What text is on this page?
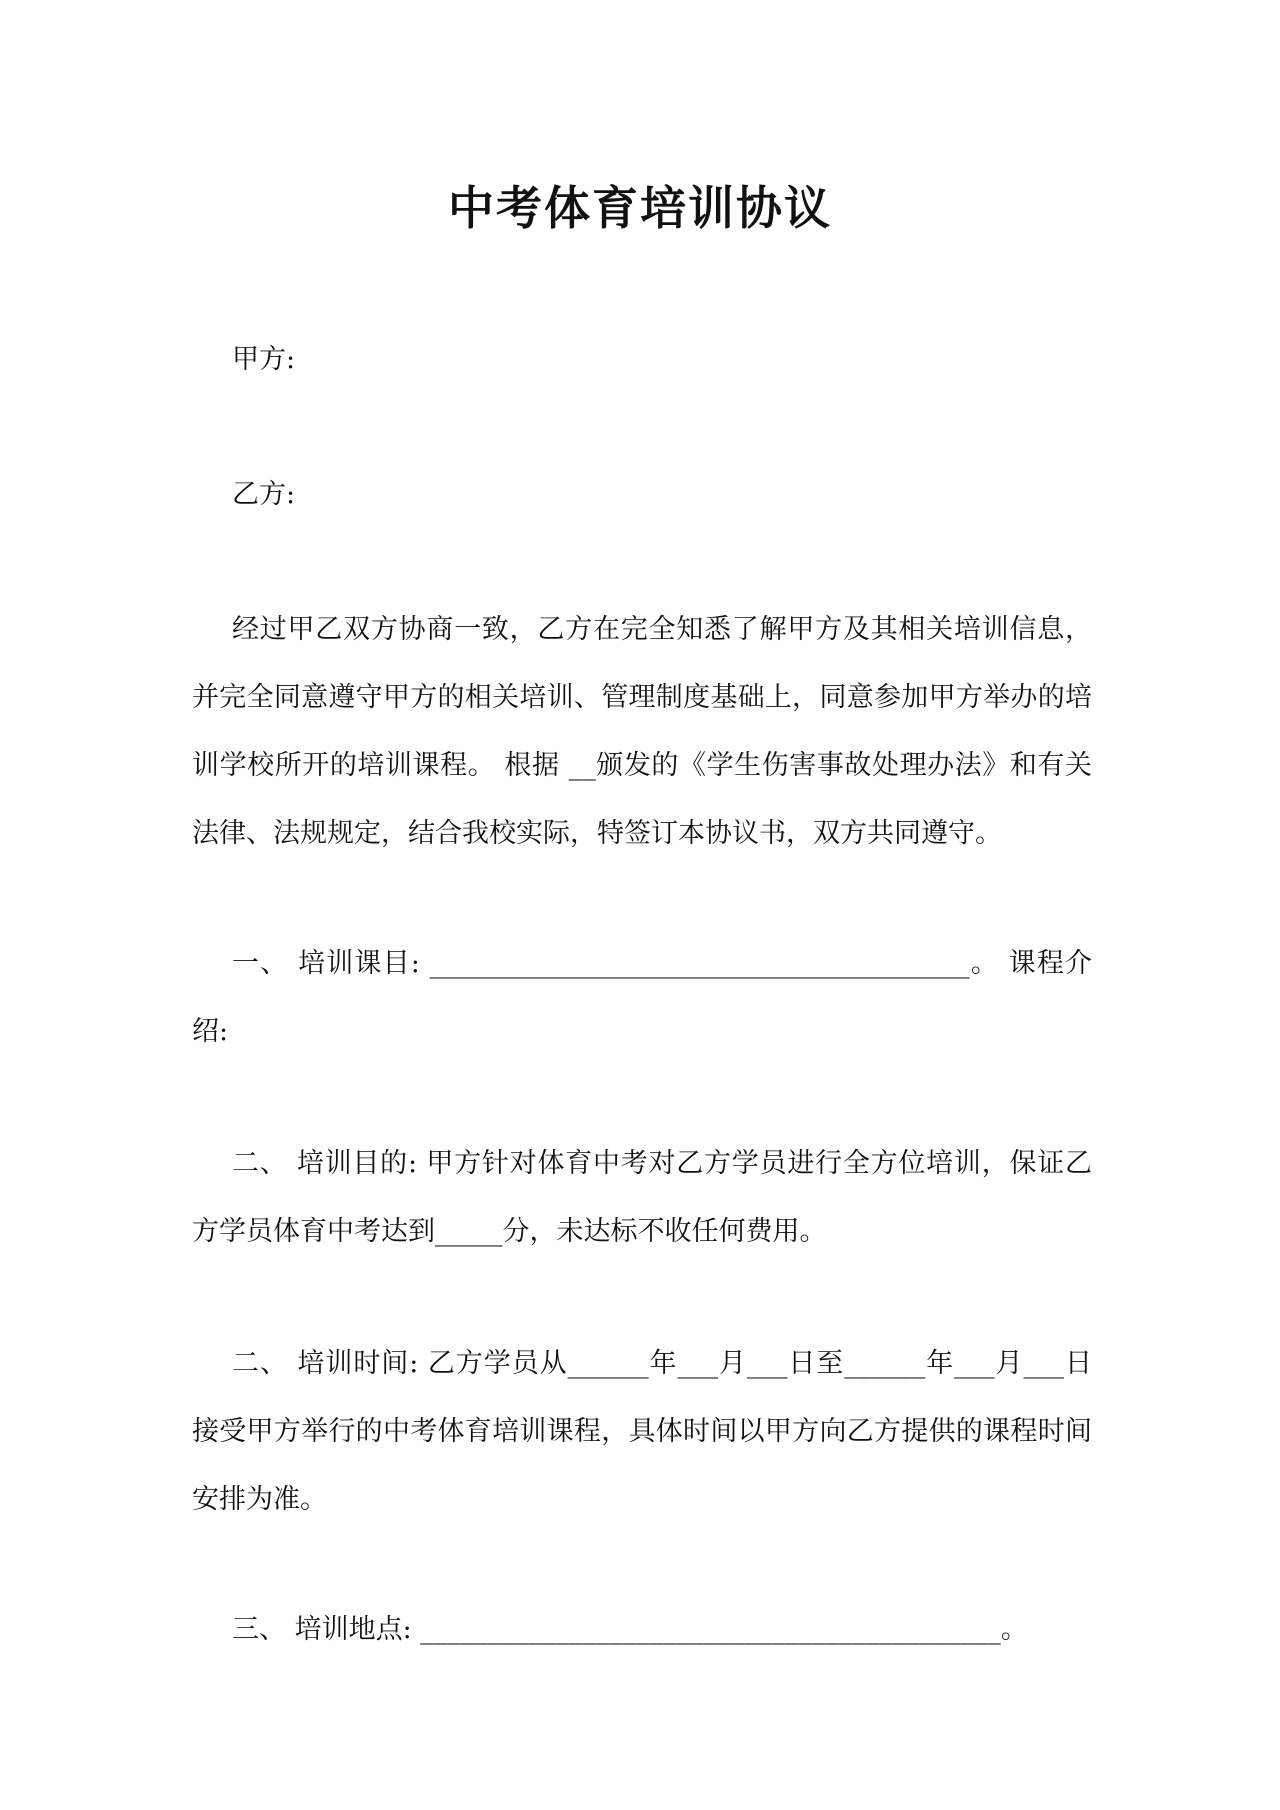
中考体育培训协议
甲方:
乙方:
经过甲乙双方协商一致，乙方在完全知悉了解甲方及其相关培训信息，并完全同意遵守甲方的相关培训、管理制度基础上，同意参加甲方举办的培训学校所开的培训课程。 根据 __颁发的《学生伤害事故处理办法》和有关法律、法规规定，结合我校实际，特签订本协议书，双方共同遵守。
一、 培训课目: ________________________________________。 课程介绍:
二、 培训目的: 甲方针对体育中考对乙方学员进行全方位培训，保证乙方学员体育中考达到_____分，未达标不收任何费用。
二、 培训时间: 乙方学员从______年___月___日至______年___月___日接受甲方举行的中考体育培训课程，具体时间以甲方向乙方提供的课程时间安排为准。
三、 培训地点: ___________________________________________。
